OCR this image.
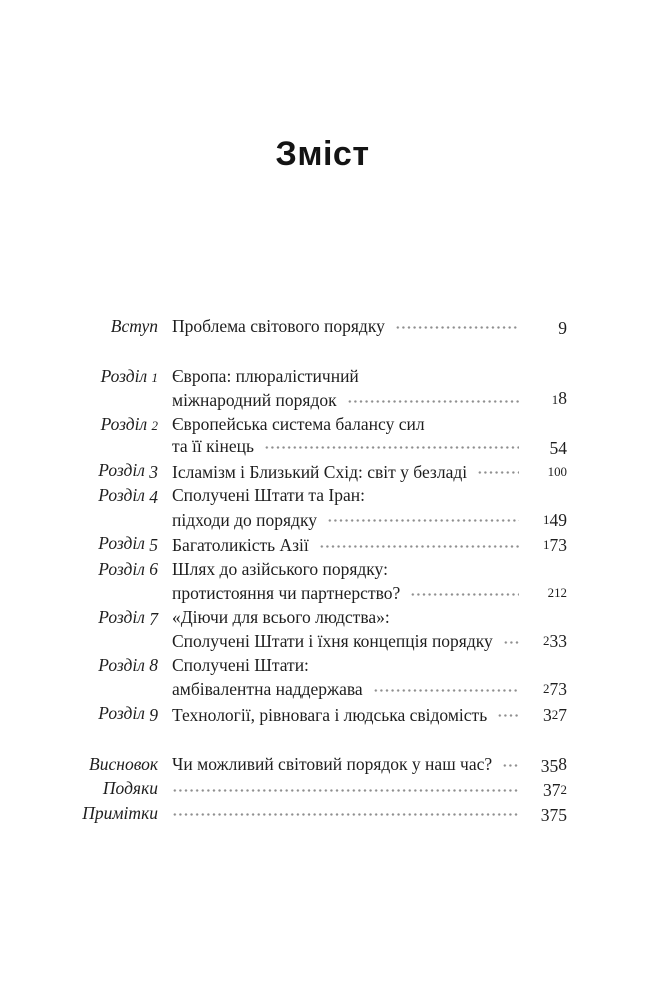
Зміст
Вступ Проблема світового порядку	9
Розділ 1 Європа: плюралістичний
міжнародний порядок	18
Розділ 2 Європейська система балансу сил
та її кінець	54
Розділ 3 Ісламізм і Близький Схід: світ у безладі	100
Розділ 4 Сполучені Штати та Іран:
підходи до порядку	149
Розділ 5 Багатоликість Азії	173
Розділ 6 Шлях до азійського порядку:
протистояння чи партнерство?	212
Розділ 7 «Діючи для всього людства»:
Сполучені Штати і їхня концепція порядку	233
Розділ 8 Сполучені Штати:
амбівалентна наддержава	273
Розділ 9 Технології, рівновага і людська свідомість	327
Висновок Чи можливий світовий порядок у наш час?	358
Подяки	372
Примітки	375
